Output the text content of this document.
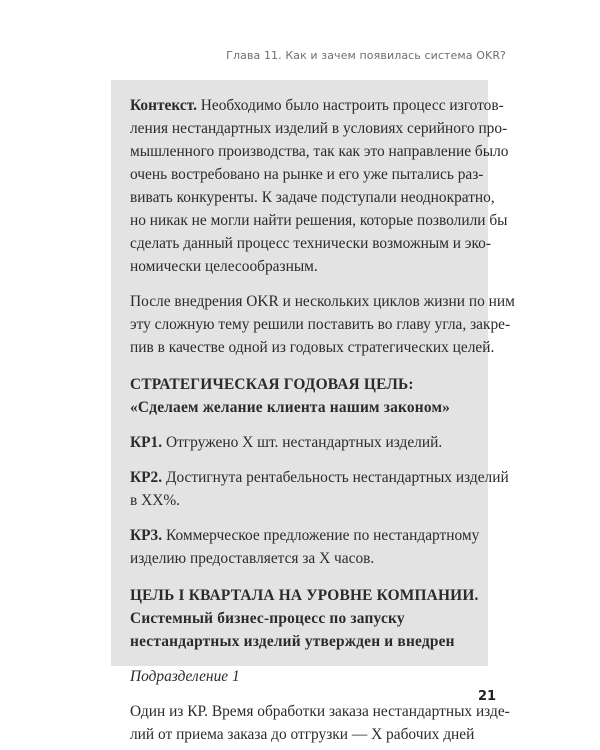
Глава 11. Как и зачем появилась система OKR?

Контекст. Необходимо было настроить процесс изготов-
ления нестандартных изделий в условиях серийного про-
мышленного производства, так как это направление было
очень востребовано на рынке и его уже пытались раз-
вивать конкуренты. К задаче подступали неоднократно,
но никак не могли найти решения, которые позволили бы
сделать данный процесс технически возможным и эко-
номически целесообразным.

После внедрения OKR и нескольких циклов жизни по ним
эту сложную тему решили поставить во главу угла, закре-
пив в качестве одной из годовых стратегических целей.

СТРАТЕГИЧЕСКАЯ ГОДОВАЯ ЦЕЛЬ:
«Сделаем желание клиента нашим законом»

КР1. Отгружено Х шт. нестандартных изделий.

КР2. Достигнута рентабельность нестандартных изделий
в ХХ%.

КР3. Коммерческое предложение по нестандартному
изделию предоставляется за Х часов.

ЦЕЛЬ I КВАРТАЛА НА УРОВНЕ КОМПАНИИ.
Системный бизнес-процесс по запуску
нестандартных изделий утвержден и внедрен

Подразделение 1

Один из КР. Время обработки заказа нестандартных изде-
лий от приема заказа до отгрузки — Х рабочих дней

21
